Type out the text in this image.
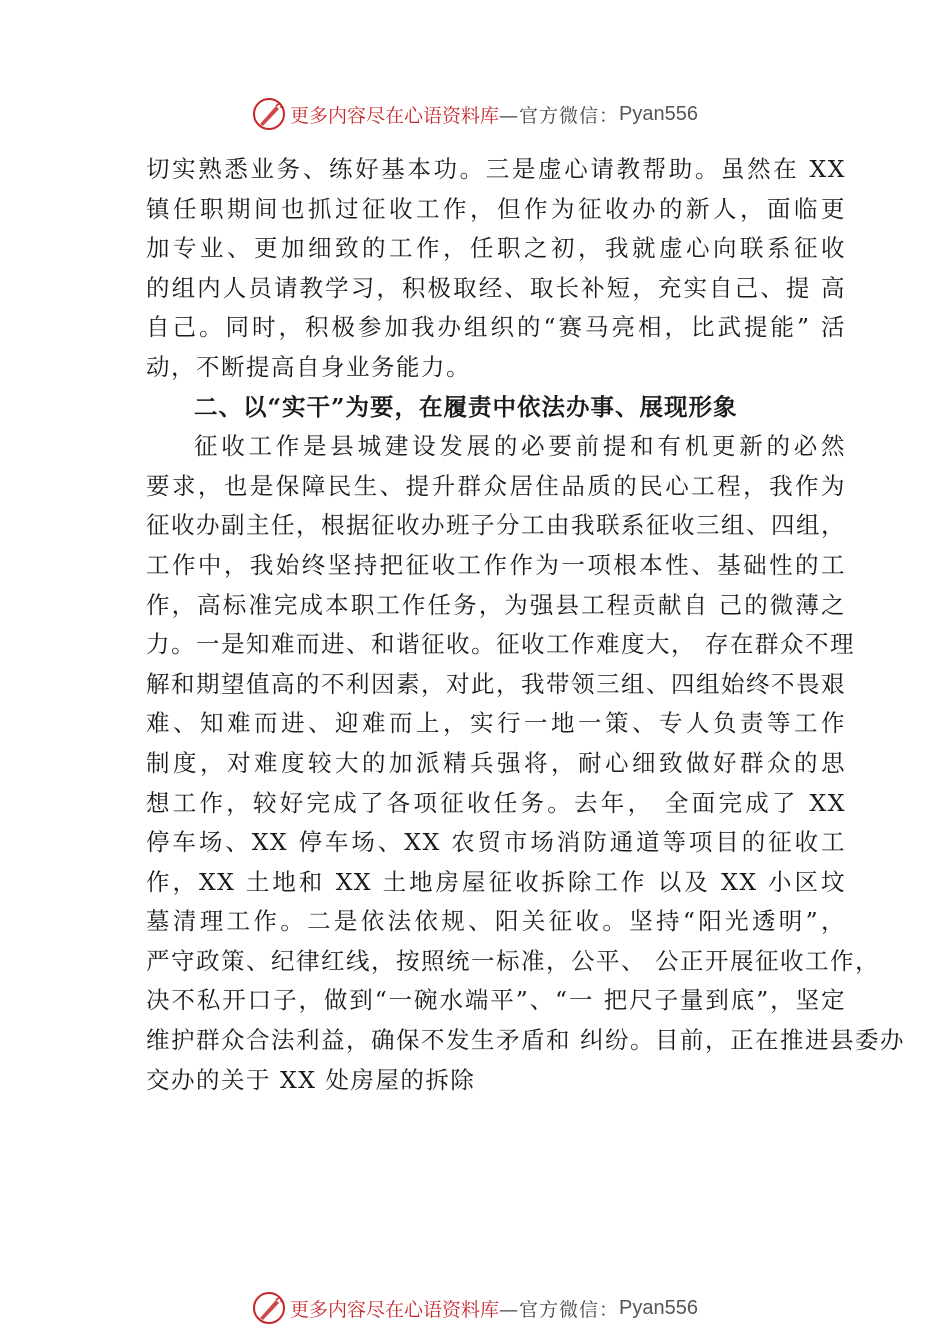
更多内容尽在心语资料库 —官方微信： Pyan556
切实熟悉业务、练好基本功。三是虚心请教帮助。虽然在 XX
镇任职期间也抓过征收工作，但作为征收办的新人，面临更
加专业、更加细致的工作，任职之初，我就虚心向联系征收
的组内人员请教学习，积极取经、取长补短，充实自己、提 高
自己。同时，积极参加我办组织的“赛马亮相，比武提能” 活
动，不断提高自身业务能力。
二、以“实干”为要，在履责中依法办事、展现形象
征收工作是县城建设发展的必要前提和有机更新的必然
要求，也是保障民生、提升群众居住品质的民心工程，我作为
征收办副主任，根据征收办班子分工由我联系征收三组、四组，
工作中，我始终坚持把征收工作作为一项根本性、基础性的工
作，高标准完成本职工作任务，为强县工程贡献自 己的微薄之
力。一是知难而进、和谐征收。征收工作难度大， 存在群众不理
解和期望值高的不利因素，对此，我带领三组、四组始终不畏艰
难、知难而进、迎难而上，实行一地一策、专人负责等工作
制度，对难度较大的加派精兵强将，耐心细致做好群众的思
想工作，较好完成了各项征收任务。去年， 全面完成了 XX
停车场、XX 停车场、XX 农贸市场消防通道等项目的征收工
作，XX 土地和 XX 土地房屋征收拆除工作 以及 XX 小区坟
墓清理工作。二是依法依规、阳关征收。坚持“阳光透明”，
严守政策、纪律红线，按照统一标准，公平、 公正开展征收工作，
决不私开口子，做到“一碗水端平”、“一 把尺子量到底”，坚定
维护群众合法利益，确保不发生矛盾和 纠纷。目前，正在推进县委办
交办的关于 XX 处房屋的拆除
更多内容尽在心语资料库 —官方微信： Pyan556
